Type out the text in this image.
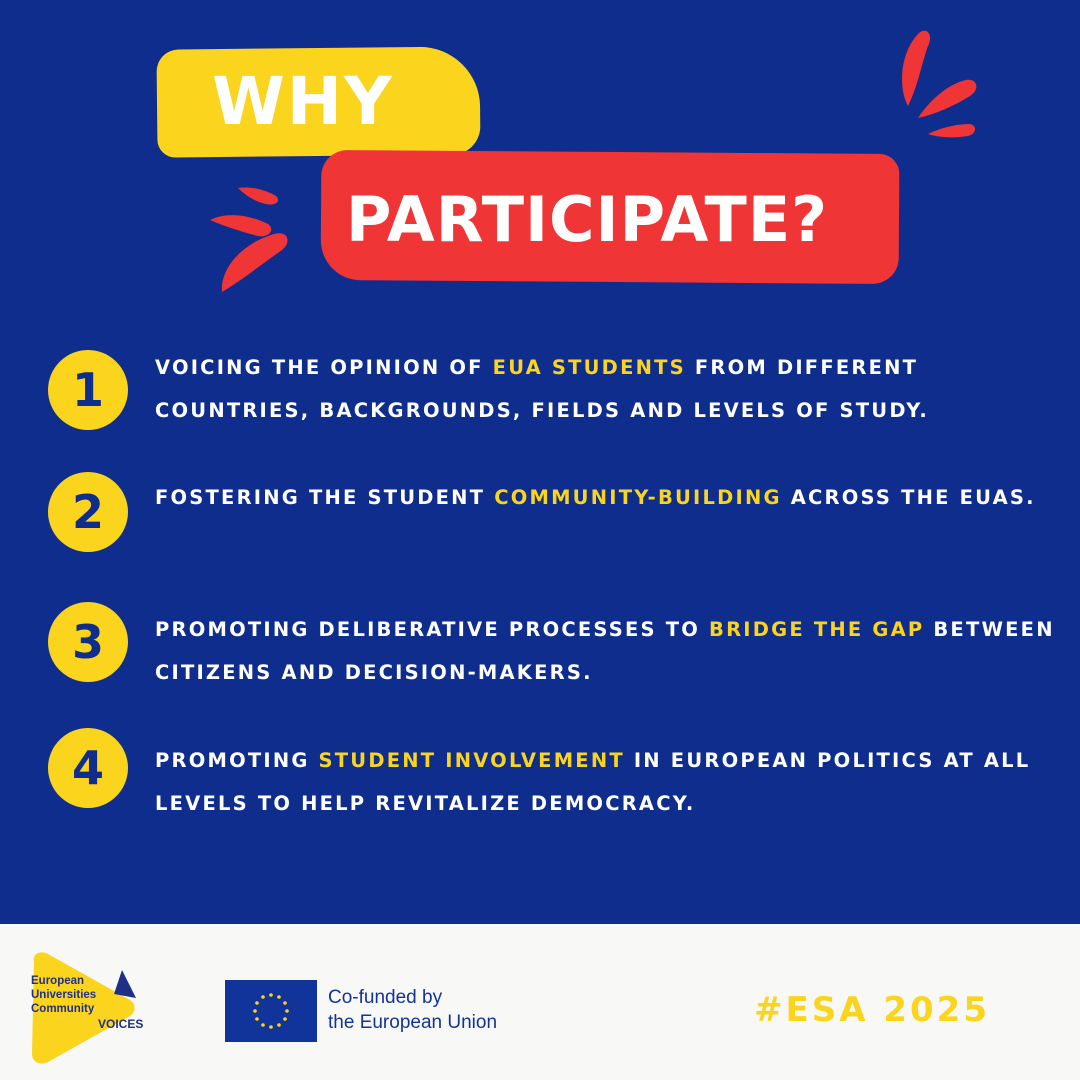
WHY
PARTICIPATE?
1	VOICING THE OPINION OF EUA STUDENTS FROM DIFFERENT COUNTRIES, BACKGROUNDS, FIELDS AND LEVELS OF STUDY.
2	FOSTERING THE STUDENT COMMUNITY-BUILDING ACROSS THE EUAS.
3	PROMOTING DELIBERATIVE PROCESSES TO BRIDGE THE GAP BETWEEN CITIZENS AND DECISION-MAKERS.
4	PROMOTING STUDENT INVOLVEMENT IN EUROPEAN POLITICS AT ALL LEVELS TO HELP REVITALIZE DEMOCRACY.
European
Universities
Community
VOICES
Co-funded by
the European Union	#ESA 2025
